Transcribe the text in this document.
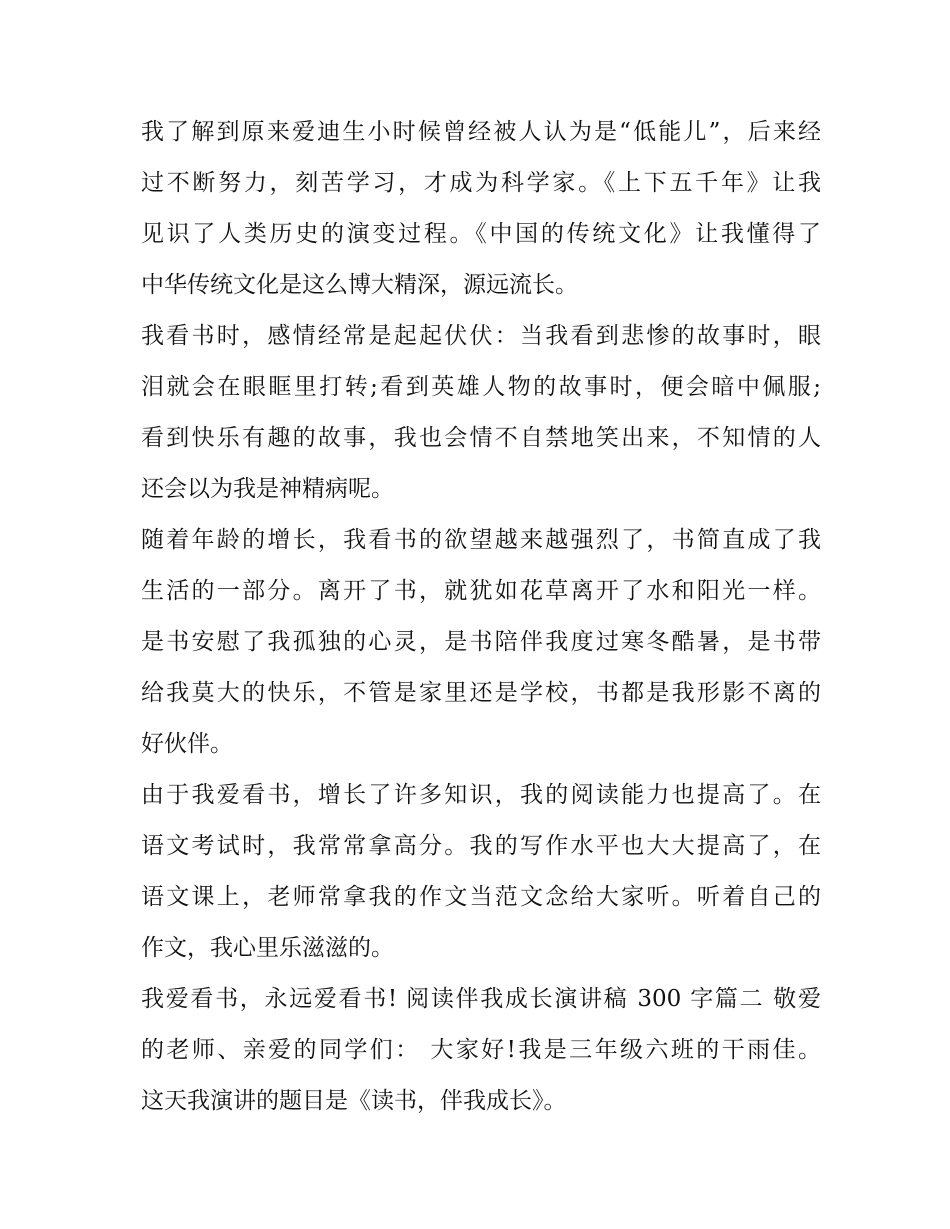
我了解到原来爱迪生小时候曾经被人认为是“低能儿”，后来经
过不断努力，刻苦学习，才成为科学家。《上下五千年》让我
见识了人类历史的演变过程。《中国的传统文化》让我懂得了
中华传统文化是这么博大精深，源远流长。
我看书时，感情经常是起起伏伏：当我看到悲惨的故事时，眼
泪就会在眼眶里打转;看到英雄人物的故事时，便会暗中佩服;
看到快乐有趣的故事，我也会情不自禁地笑出来，不知情的人
还会以为我是神精病呢。
随着年龄的增长，我看书的欲望越来越强烈了，书简直成了我
生活的一部分。离开了书，就犹如花草离开了水和阳光一样。
是书安慰了我孤独的心灵，是书陪伴我度过寒冬酷暑，是书带
给我莫大的快乐，不管是家里还是学校，书都是我形影不离的
好伙伴。
由于我爱看书，增长了许多知识，我的阅读能力也提高了。在
语文考试时，我常常拿高分。我的写作水平也大大提高了，在
语文课上，老师常拿我的作文当范文念给大家听。听着自己的
作文，我心里乐滋滋的。
我爱看书，永远爱看书! 阅读伴我成长演讲稿 300 字篇二 敬爱
的老师、亲爱的同学们： 大家好!我是三年级六班的干雨佳。
这天我演讲的题目是《读书，伴我成长》。
